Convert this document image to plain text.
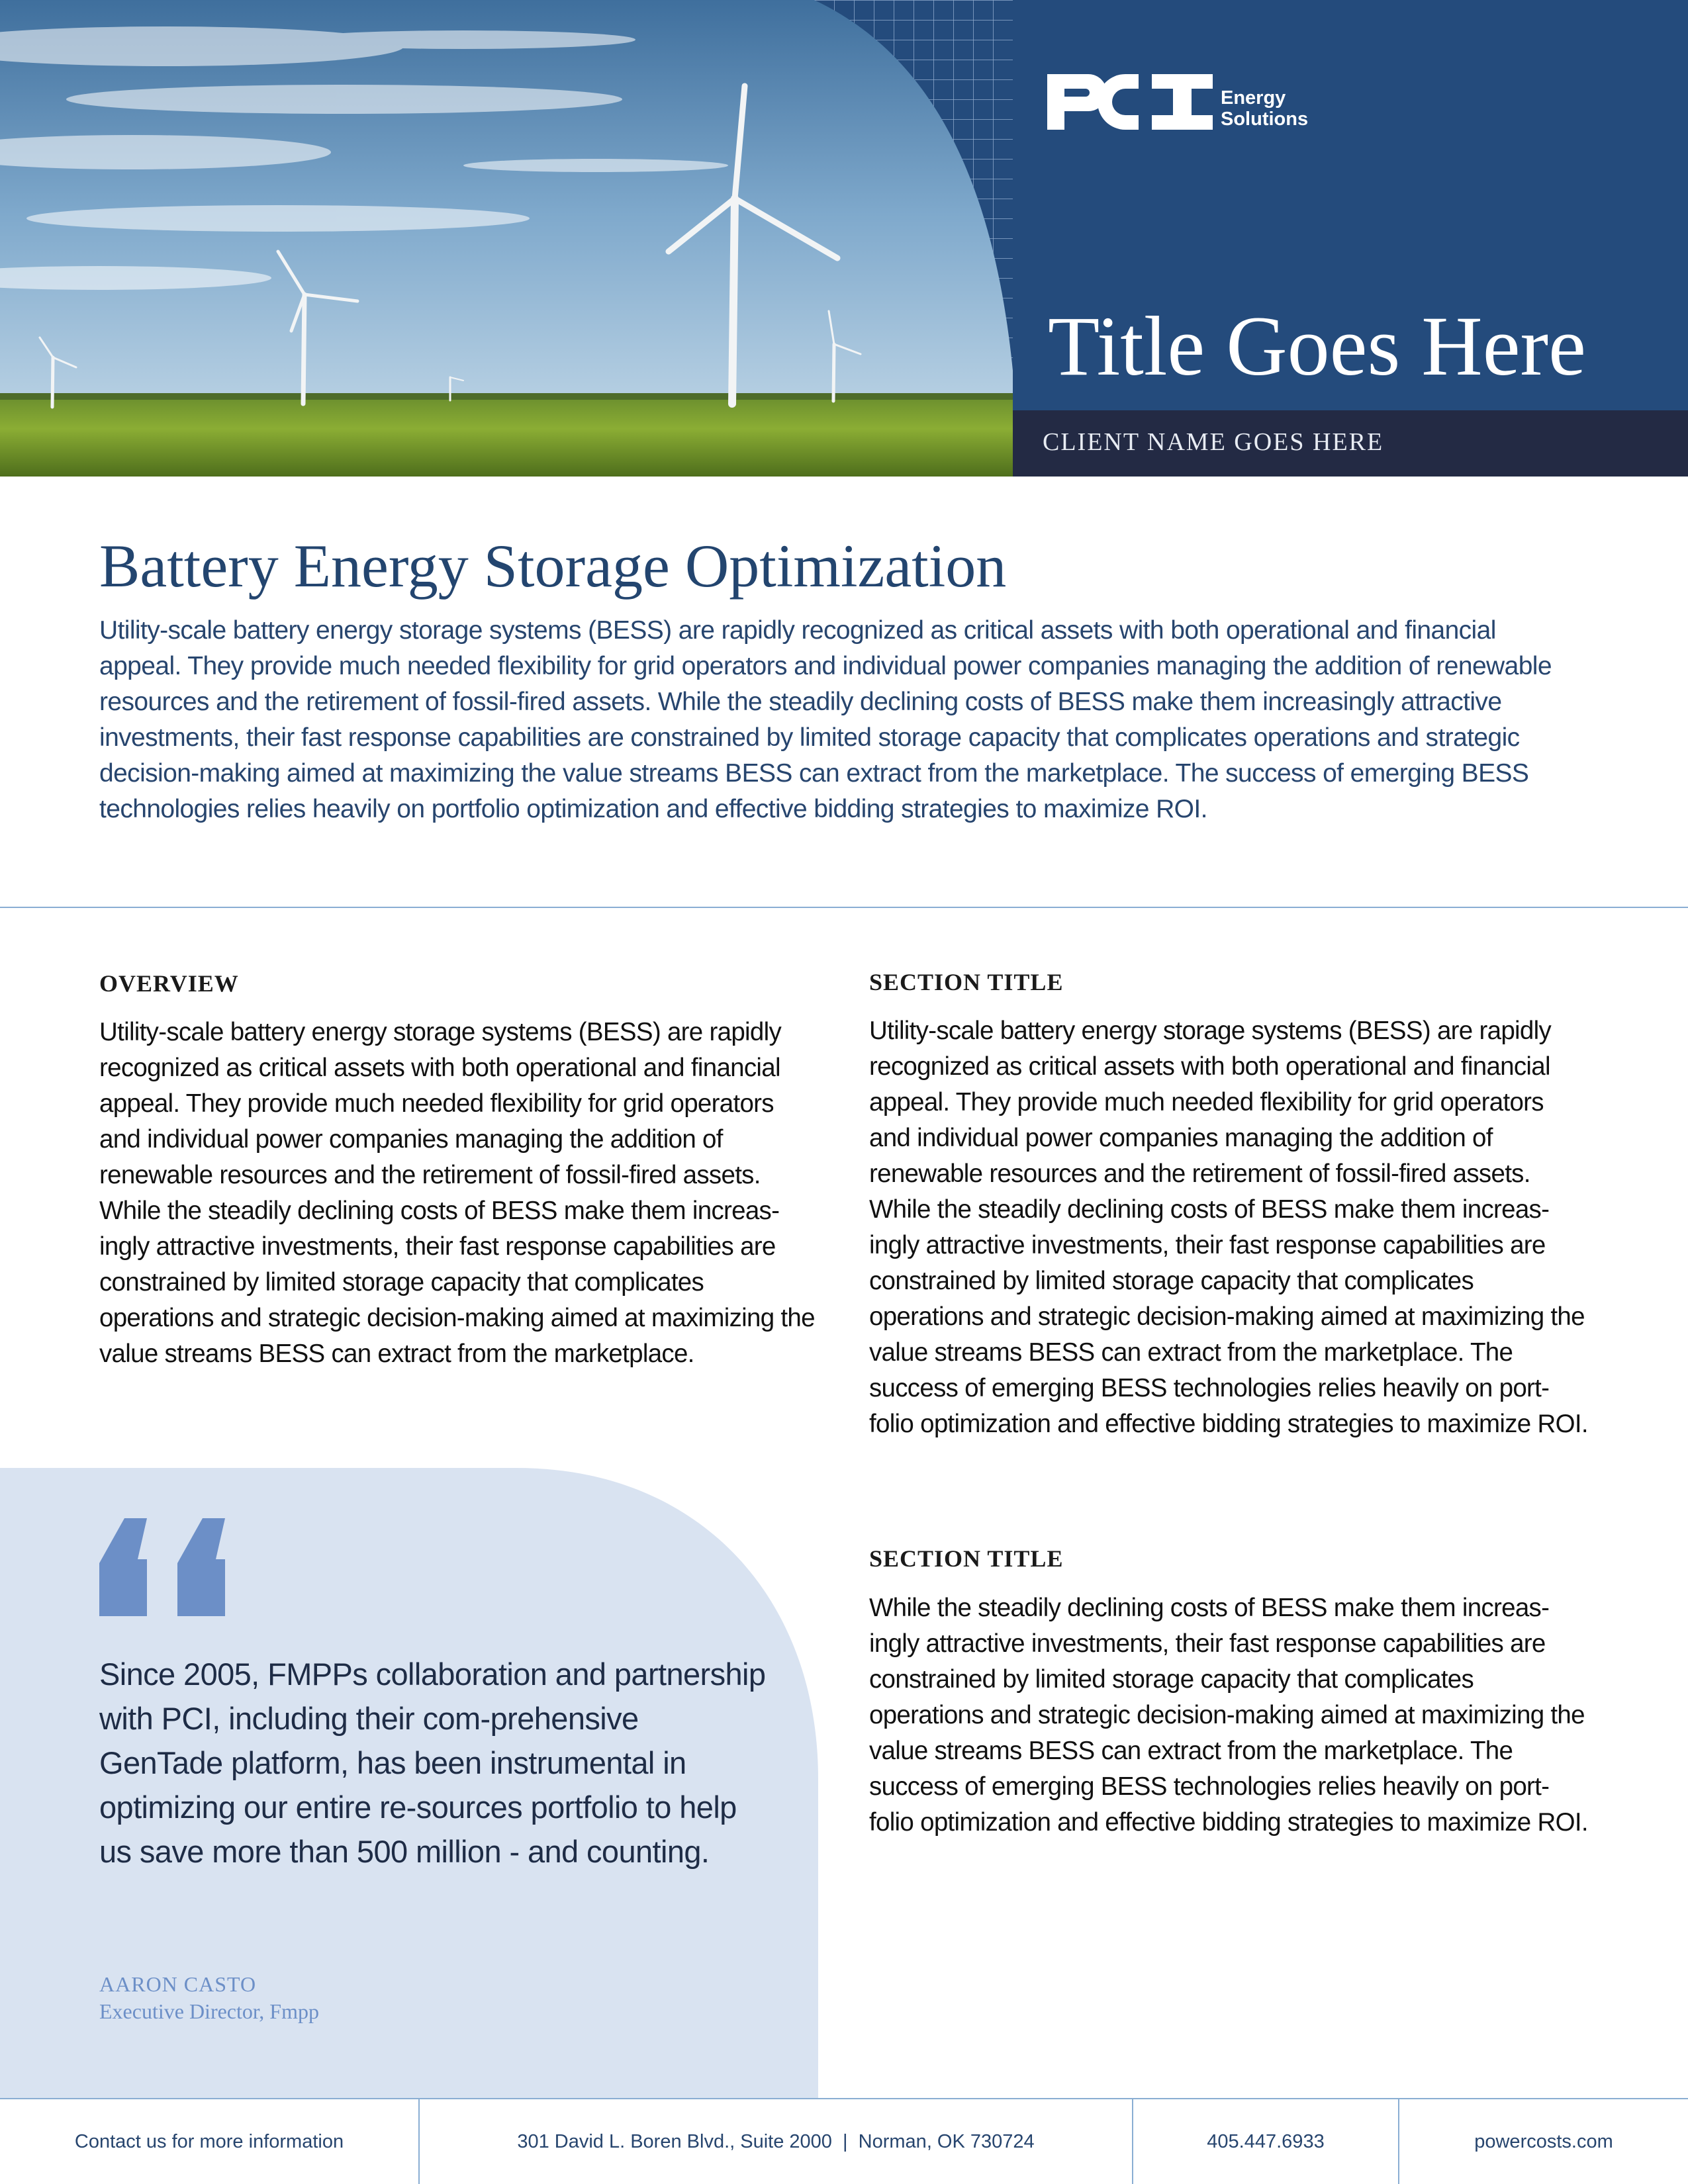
Energy
Solutions
Title Goes Here
CLIENT NAME GOES HERE
Battery Energy Storage Optimization

Utility-scale battery energy storage systems (BESS) are rapidly recognized as critical assets with both operational and financial appeal. They provide much needed flexibility for grid operators and individual power companies managing the addition of renewable resources and the retirement of fossil-fired assets. While the steadily declining costs of BESS make them increasingly attractive investments, their fast response capabilities are constrained by limited storage capacity that complicates operations and strategic decision-making aimed at maximizing the value streams BESS can extract from the marketplace. The success of emerging BESS technologies relies heavily on portfolio optimization and effective bidding strategies to maximize ROI.

OVERVIEW

Utility-scale battery energy storage systems (BESS) are rapidly recognized as critical assets with both operational and financial appeal. They provide much needed flexibility for grid operators and individual power companies managing the addition of renewable resources and the retirement of fossil-fired assets. While the steadily declining costs of BESS make them increas-ingly attractive investments, their fast response capabilities are constrained by limited storage capacity that complicates operations and strategic decision-making aimed at maximizing the value streams BESS can extract from the marketplace.

SECTION TITLE

Utility-scale battery energy storage systems (BESS) are rapidly recognized as critical assets with both operational and financial appeal. They provide much needed flexibility for grid operators and individual power companies managing the addition of renewable resources and the retirement of fossil-fired assets. While the steadily declining costs of BESS make them increas-ingly attractive investments, their fast response capabilities are constrained by limited storage capacity that complicates operations and strategic decision-making aimed at maximizing the value streams BESS can extract from the marketplace. The success of emerging BESS technologies relies heavily on port-folio optimization and effective bidding strategies to maximize ROI.

SECTION TITLE

While the steadily declining costs of BESS make them increas-ingly attractive investments, their fast response capabilities are constrained by limited storage capacity that complicates operations and strategic decision-making aimed at maximizing the value streams BESS can extract from the marketplace. The success of emerging BESS technologies relies heavily on port-folio optimization and effective bidding strategies to maximize ROI.

Since 2005, FMPPs collaboration and partnership with PCI, including their com-prehensive GenTade platform, has been instrumental in optimizing our entire re-sources portfolio to help us save more than 500 million - and counting.

AARON CASTO
Executive Director, Fmpp
Contact us for more information	301 David L. Boren Blvd., Suite 2000  |  Norman, OK 730724	405.447.6933	powercosts.com
